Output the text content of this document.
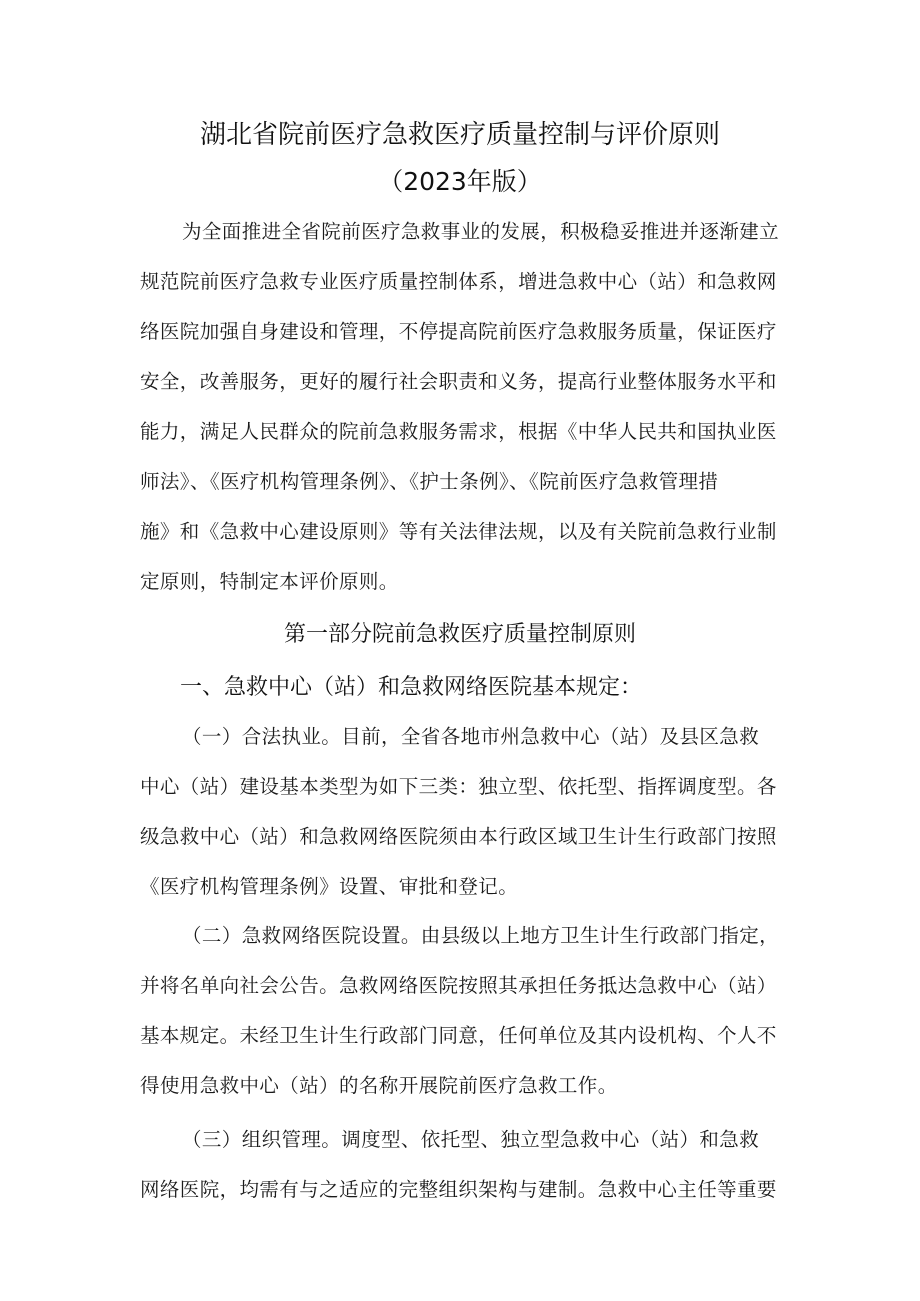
湖北省院前医疗急救医疗质量控制与评价原则
（2023年版）
为全面推进全省院前医疗急救事业的发展，积极稳妥推进并逐渐建立
规范院前医疗急救专业医疗质量控制体系，增进急救中心（站）和急救网
络医院加强自身建设和管理，不停提高院前医疗急救服务质量，保证医疗
安全，改善服务，更好的履行社会职责和义务，提高行业整体服务水平和
能力，满足人民群众的院前急救服务需求，根据《中华人民共和国执业医
师法》、《医疗机构管理条例》、《护士条例》、《院前医疗急救管理措
施》和《急救中心建设原则》等有关法律法规，以及有关院前急救行业制
定原则，特制定本评价原则。
第一部分院前急救医疗质量控制原则
一、急救中心（站）和急救网络医院基本规定：
（一）合法执业。目前，全省各地市州急救中心（站）及县区急救
中心（站）建设基本类型为如下三类：独立型、依托型、指挥调度型。各
级急救中心（站）和急救网络医院须由本行政区域卫生计生行政部门按照
《医疗机构管理条例》设置、审批和登记。
（二）急救网络医院设置。由县级以上地方卫生计生行政部门指定，
并将名单向社会公告。急救网络医院按照其承担任务抵达急救中心（站）
基本规定。未经卫生计生行政部门同意，任何单位及其内设机构、个人不
得使用急救中心（站）的名称开展院前医疗急救工作。
（三）组织管理。调度型、依托型、独立型急救中心（站）和急救
网络医院，均需有与之适应的完整组织架构与建制。急救中心主任等重要
